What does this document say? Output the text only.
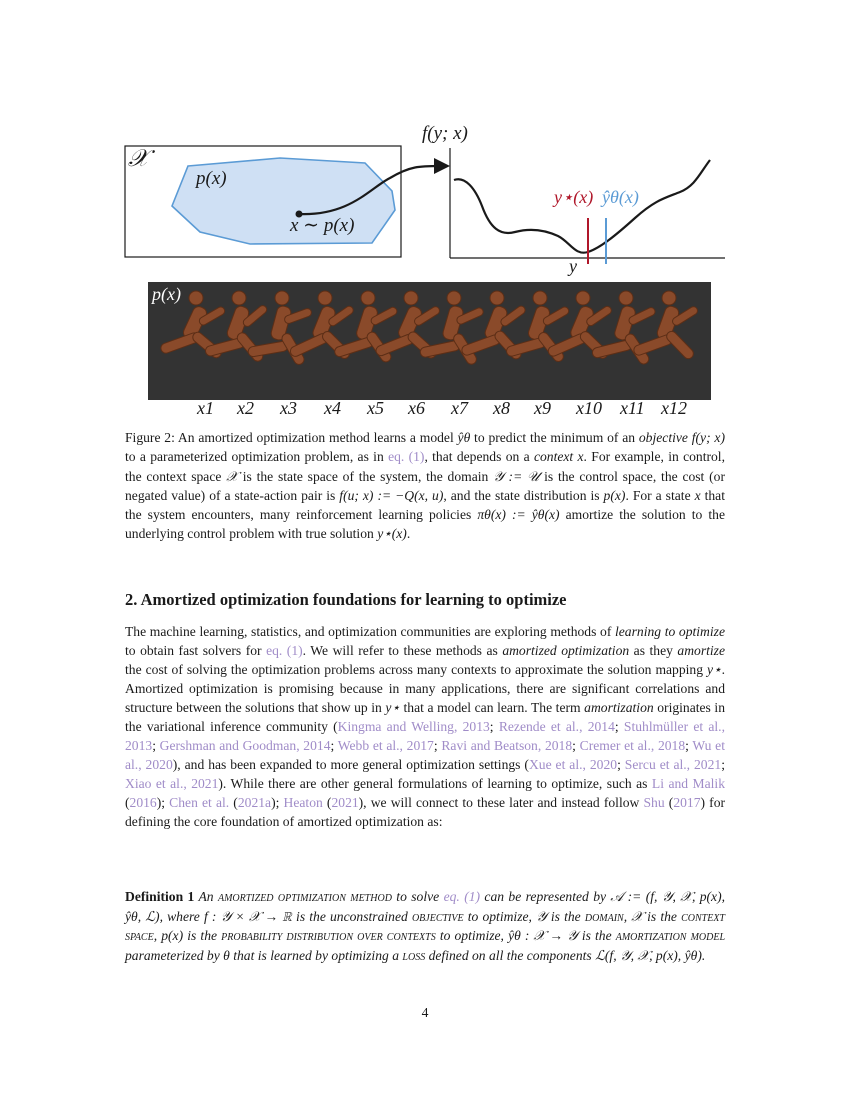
𝒳
p(x)
x ∼ p(x)
f(y; x)
y
y⋆(x) ŷθ(x)
p(x)
x1 x2 x3 x4 x5 x6 x7 x8 x9 x10 x11 x12
Figure 2: An amortized optimization method learns a model ŷθ to predict the minimum of an objective f(y; x) to a parameterized optimization problem, as in eq. (1), that depends on a context x. For example, in control, the context space 𝒳 is the state space of the system, the domain 𝒴 := 𝒰 is the control space, the cost (or negated value) of a state-action pair is f(u; x) := −Q(x, u), and the state distribution is p(x). For a state x that the system encounters, many reinforcement learning policies πθ(x) := ŷθ(x) amortize the solution to the underlying control problem with true solution y⋆(x).
2. Amortized optimization foundations for learning to optimize
The machine learning, statistics, and optimization communities are exploring methods of learning to optimize to obtain fast solvers for eq. (1). We will refer to these methods as amortized optimization as they amortize the cost of solving the optimization problems across many contexts to approximate the solution mapping y⋆. Amortized optimization is promising because in many applications, there are significant correlations and structure between the solutions that show up in y⋆ that a model can learn. The term amortization originates in the variational inference community (Kingma and Welling, 2013; Rezende et al., 2014; Stuhlmüller et al., 2013; Gershman and Goodman, 2014; Webb et al., 2017; Ravi and Beatson, 2018; Cremer et al., 2018; Wu et al., 2020), and has been expanded to more general optimization settings (Xue et al., 2020; Sercu et al., 2021; Xiao et al., 2021). While there are other general formulations of learning to optimize, such as Li and Malik (2016); Chen et al. (2021a); Heaton (2021), we will connect to these later and instead follow Shu (2017) for defining the core foundation of amortized optimization as:
Definition 1 An amortized optimization method to solve eq. (1) can be represented by 𝒜 := (f, 𝒴, 𝒳, p(x), ŷθ, ℒ), where f : 𝒴 × 𝒳 → ℝ is the unconstrained objective to optimize, 𝒴 is the domain, 𝒳 is the context space, p(x) is the probability distribution over contexts to optimize, ŷθ : 𝒳 → 𝒴 is the amortization model parameterized by θ that is learned by optimizing a loss defined on all the components ℒ(f, 𝒴, 𝒳, p(x), ŷθ).
4
